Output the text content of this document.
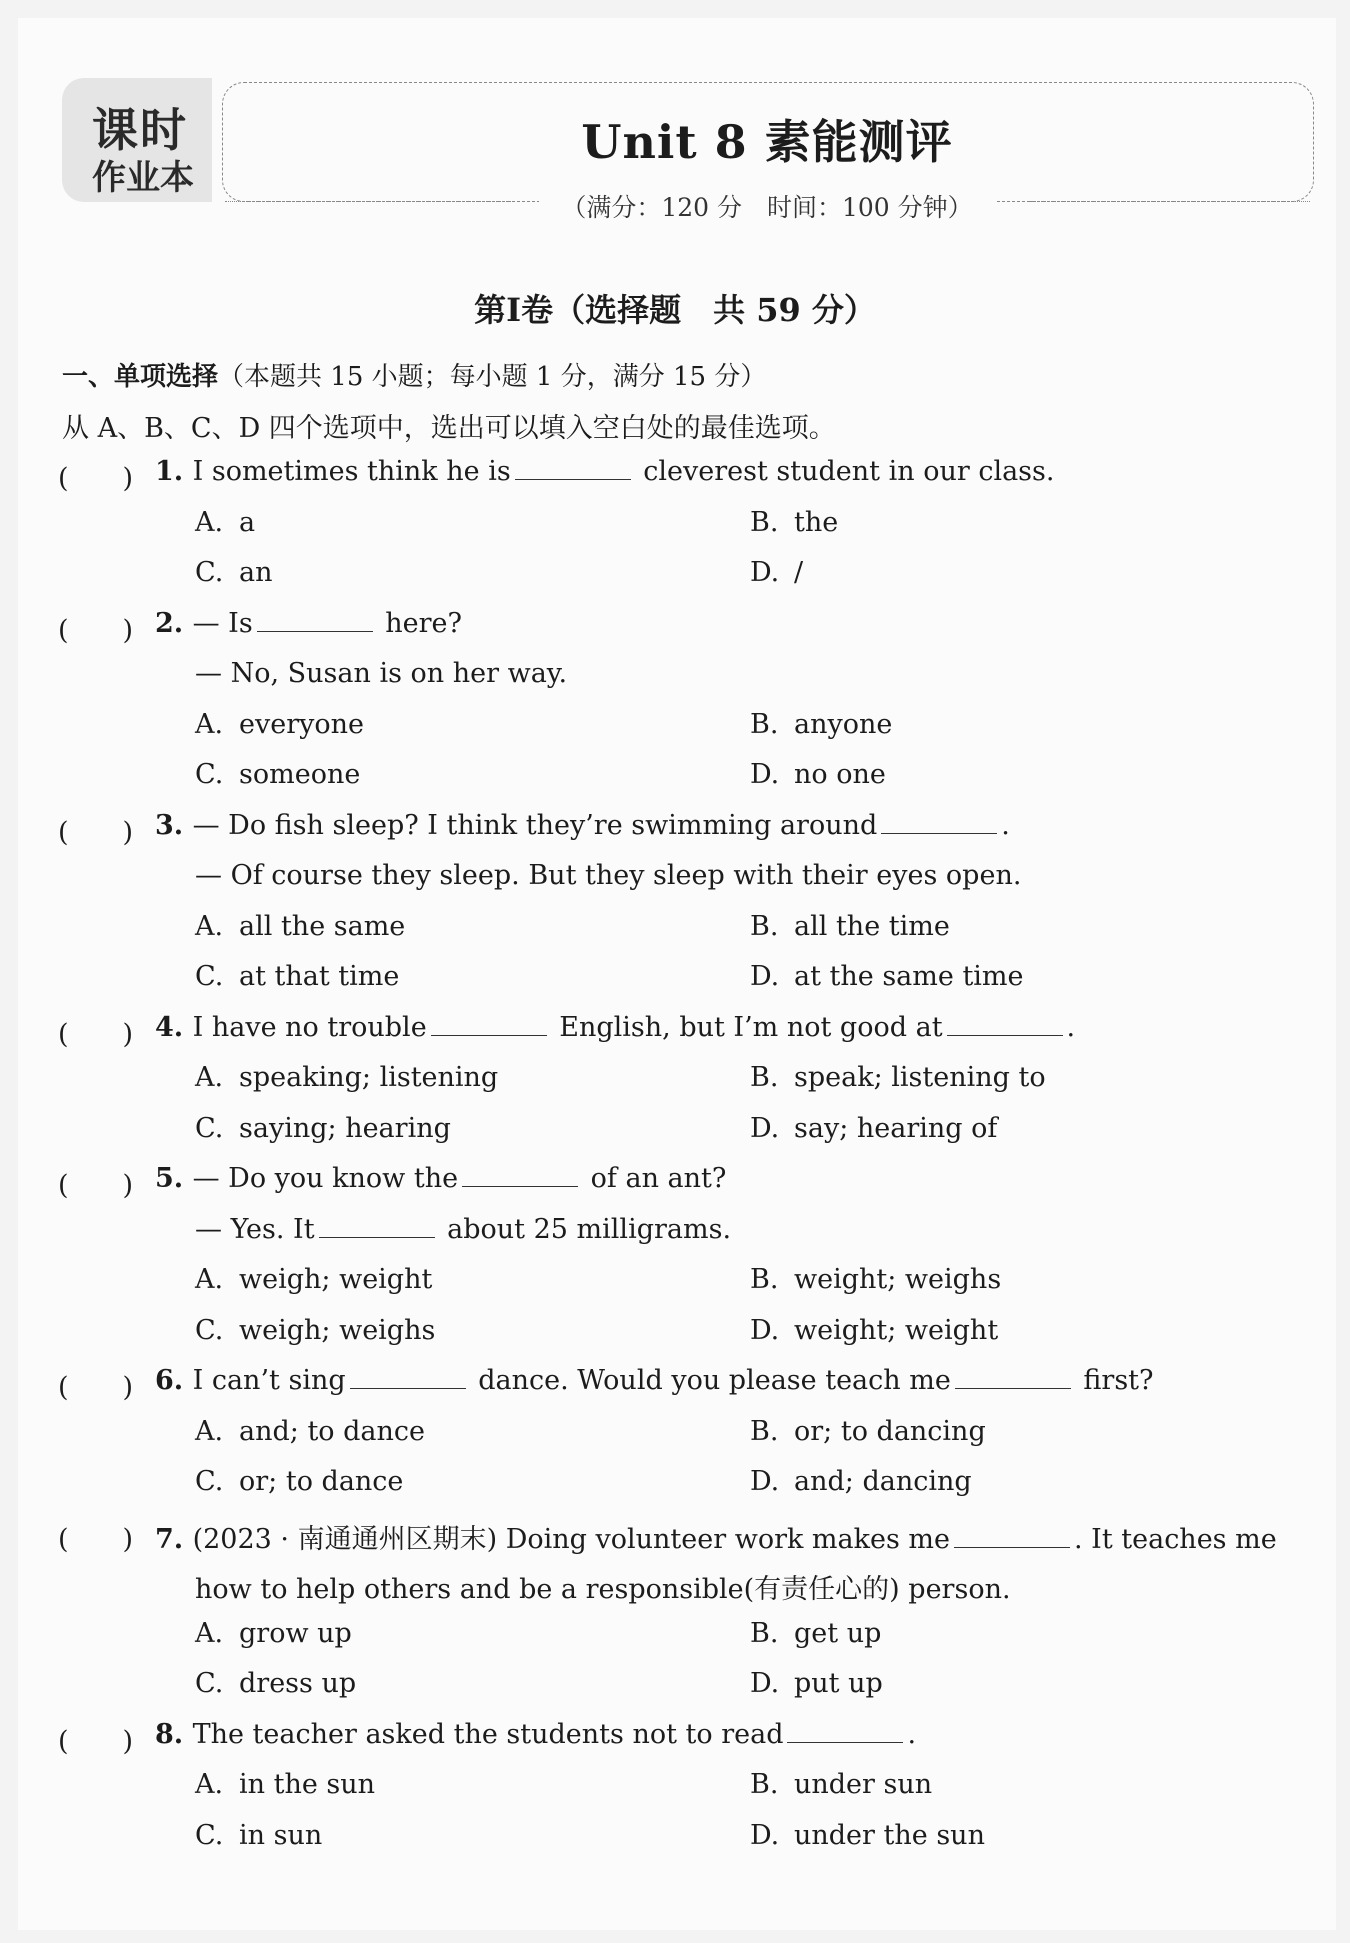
课时
作业本
Unit 8 素能测评
（满分：120 分　时间：100 分钟）
第Ⅰ卷（选择题　共 59 分）
一、单项选择（本题共 15 小题；每小题 1 分，满分 15 分）
从 A、B、C、D 四个选项中，选出可以填入空白处的最佳选项。
(　　) 1. I sometimes think he is	cleverest student in our class.
A. a	B. the
C. an	D. /
(　　) 2. — Is	here?
— No, Susan is on her way.
A. everyone	B. anyone
C. someone	D. no one
(　　) 3. — Do fish sleep? I think they’re swimming around	.
— Of course they sleep. But they sleep with their eyes open.
A. all the same	B. all the time
C. at that time	D. at the same time
(　　) 4. I have no trouble	English, but I’m not good at	.
A. speaking; listening	B. speak; listening to
C. saying; hearing	D. say; hearing of
(　　) 5. — Do you know the	of an ant?
— Yes. It	about 25 milligrams.
A. weigh; weight	B. weight; weighs
C. weigh; weighs	D. weight; weight
(　　) 6. I can’t sing	dance. Would you please teach me	first?
A. and; to dance	B. or; to dancing
C. or; to dance	D. and; dancing
(　　) 7. (2023 · 南通通州区期末) Doing volunteer work makes me	. It teaches me
how to help others and be a responsible(有责任心的) person.
A. grow up	B. get up
C. dress up	D. put up
(　　) 8. The teacher asked the students not to read	.
A. in the sun	B. under sun
C. in sun	D. under the sun
